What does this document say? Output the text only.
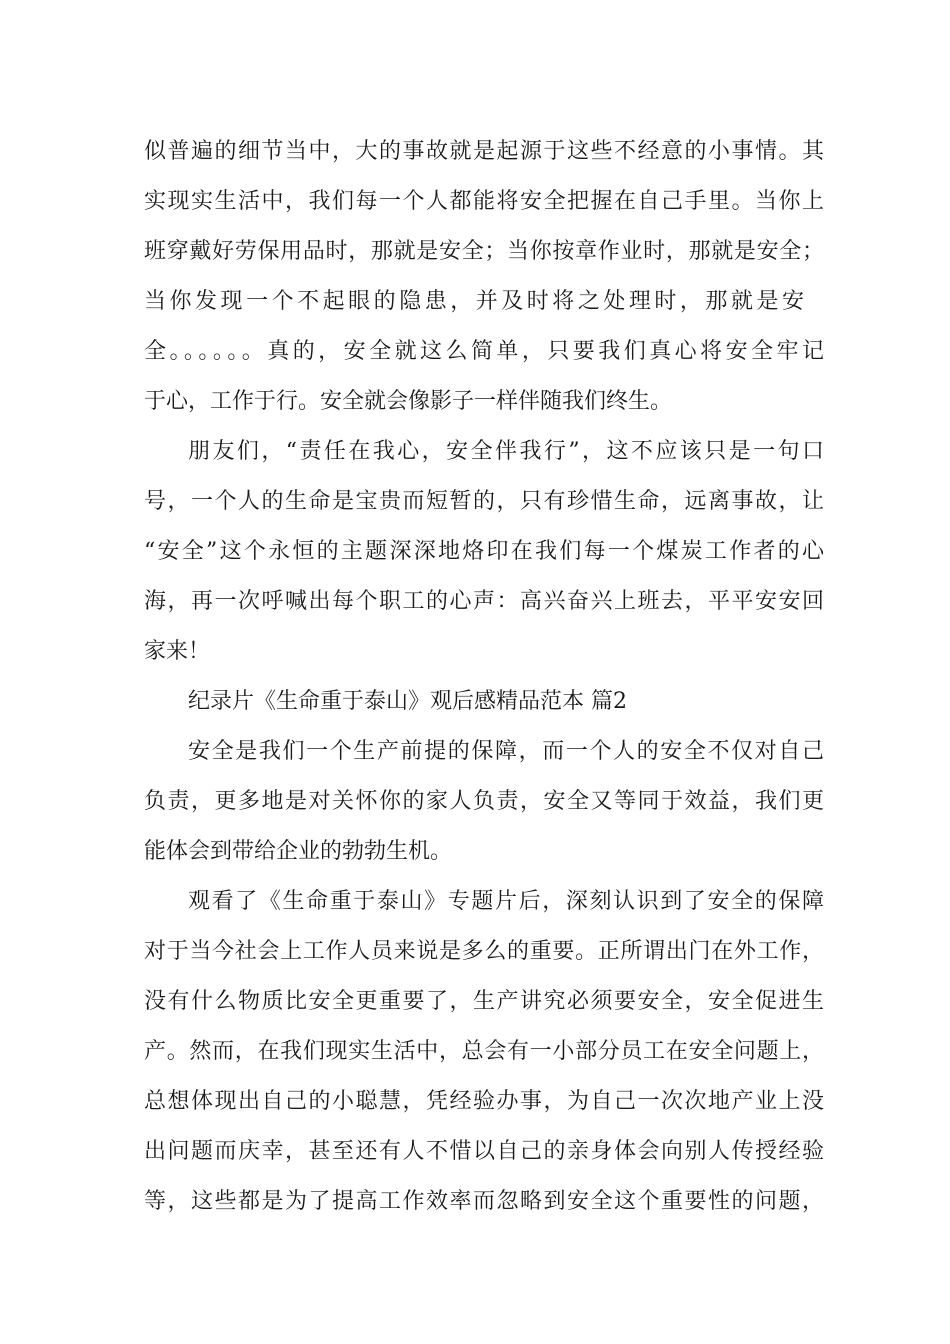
似普遍的细节当中，大的事故就是起源于这些不经意的小事情。其
实现实生活中，我们每一个人都能将安全把握在自己手里。当你上
班穿戴好劳保用品时，那就是安全；当你按章作业时，那就是安全；
当你发现一个不起眼的隐患，并及时将之处理时，那就是安
全。。。。。。真的，安全就这么简单，只要我们真心将安全牢记
于心，工作于行。安全就会像影子一样伴随我们终生。
朋友们，“责任在我心，安全伴我行”，这不应该只是一句口
号，一个人的生命是宝贵而短暂的，只有珍惜生命，远离事故，让
“安全”这个永恒的主题深深地烙印在我们每一个煤炭工作者的心
海，再一次呼喊出每个职工的心声：高兴奋兴上班去，平平安安回
家来！
纪录片《生命重于泰山》观后感精品范本 篇2
安全是我们一个生产前提的保障，而一个人的安全不仅对自己
负责，更多地是对关怀你的家人负责，安全又等同于效益，我们更
能体会到带给企业的勃勃生机。
观看了《生命重于泰山》专题片后，深刻认识到了安全的保障
对于当今社会上工作人员来说是多么的重要。正所谓出门在外工作，
没有什么物质比安全更重要了，生产讲究必须要安全，安全促进生
产。然而，在我们现实生活中，总会有一小部分员工在安全问题上，
总想体现出自己的小聪慧，凭经验办事，为自己一次次地产业上没
出问题而庆幸，甚至还有人不惜以自己的亲身体会向别人传授经验
等，这些都是为了提高工作效率而忽略到安全这个重要性的问题，
